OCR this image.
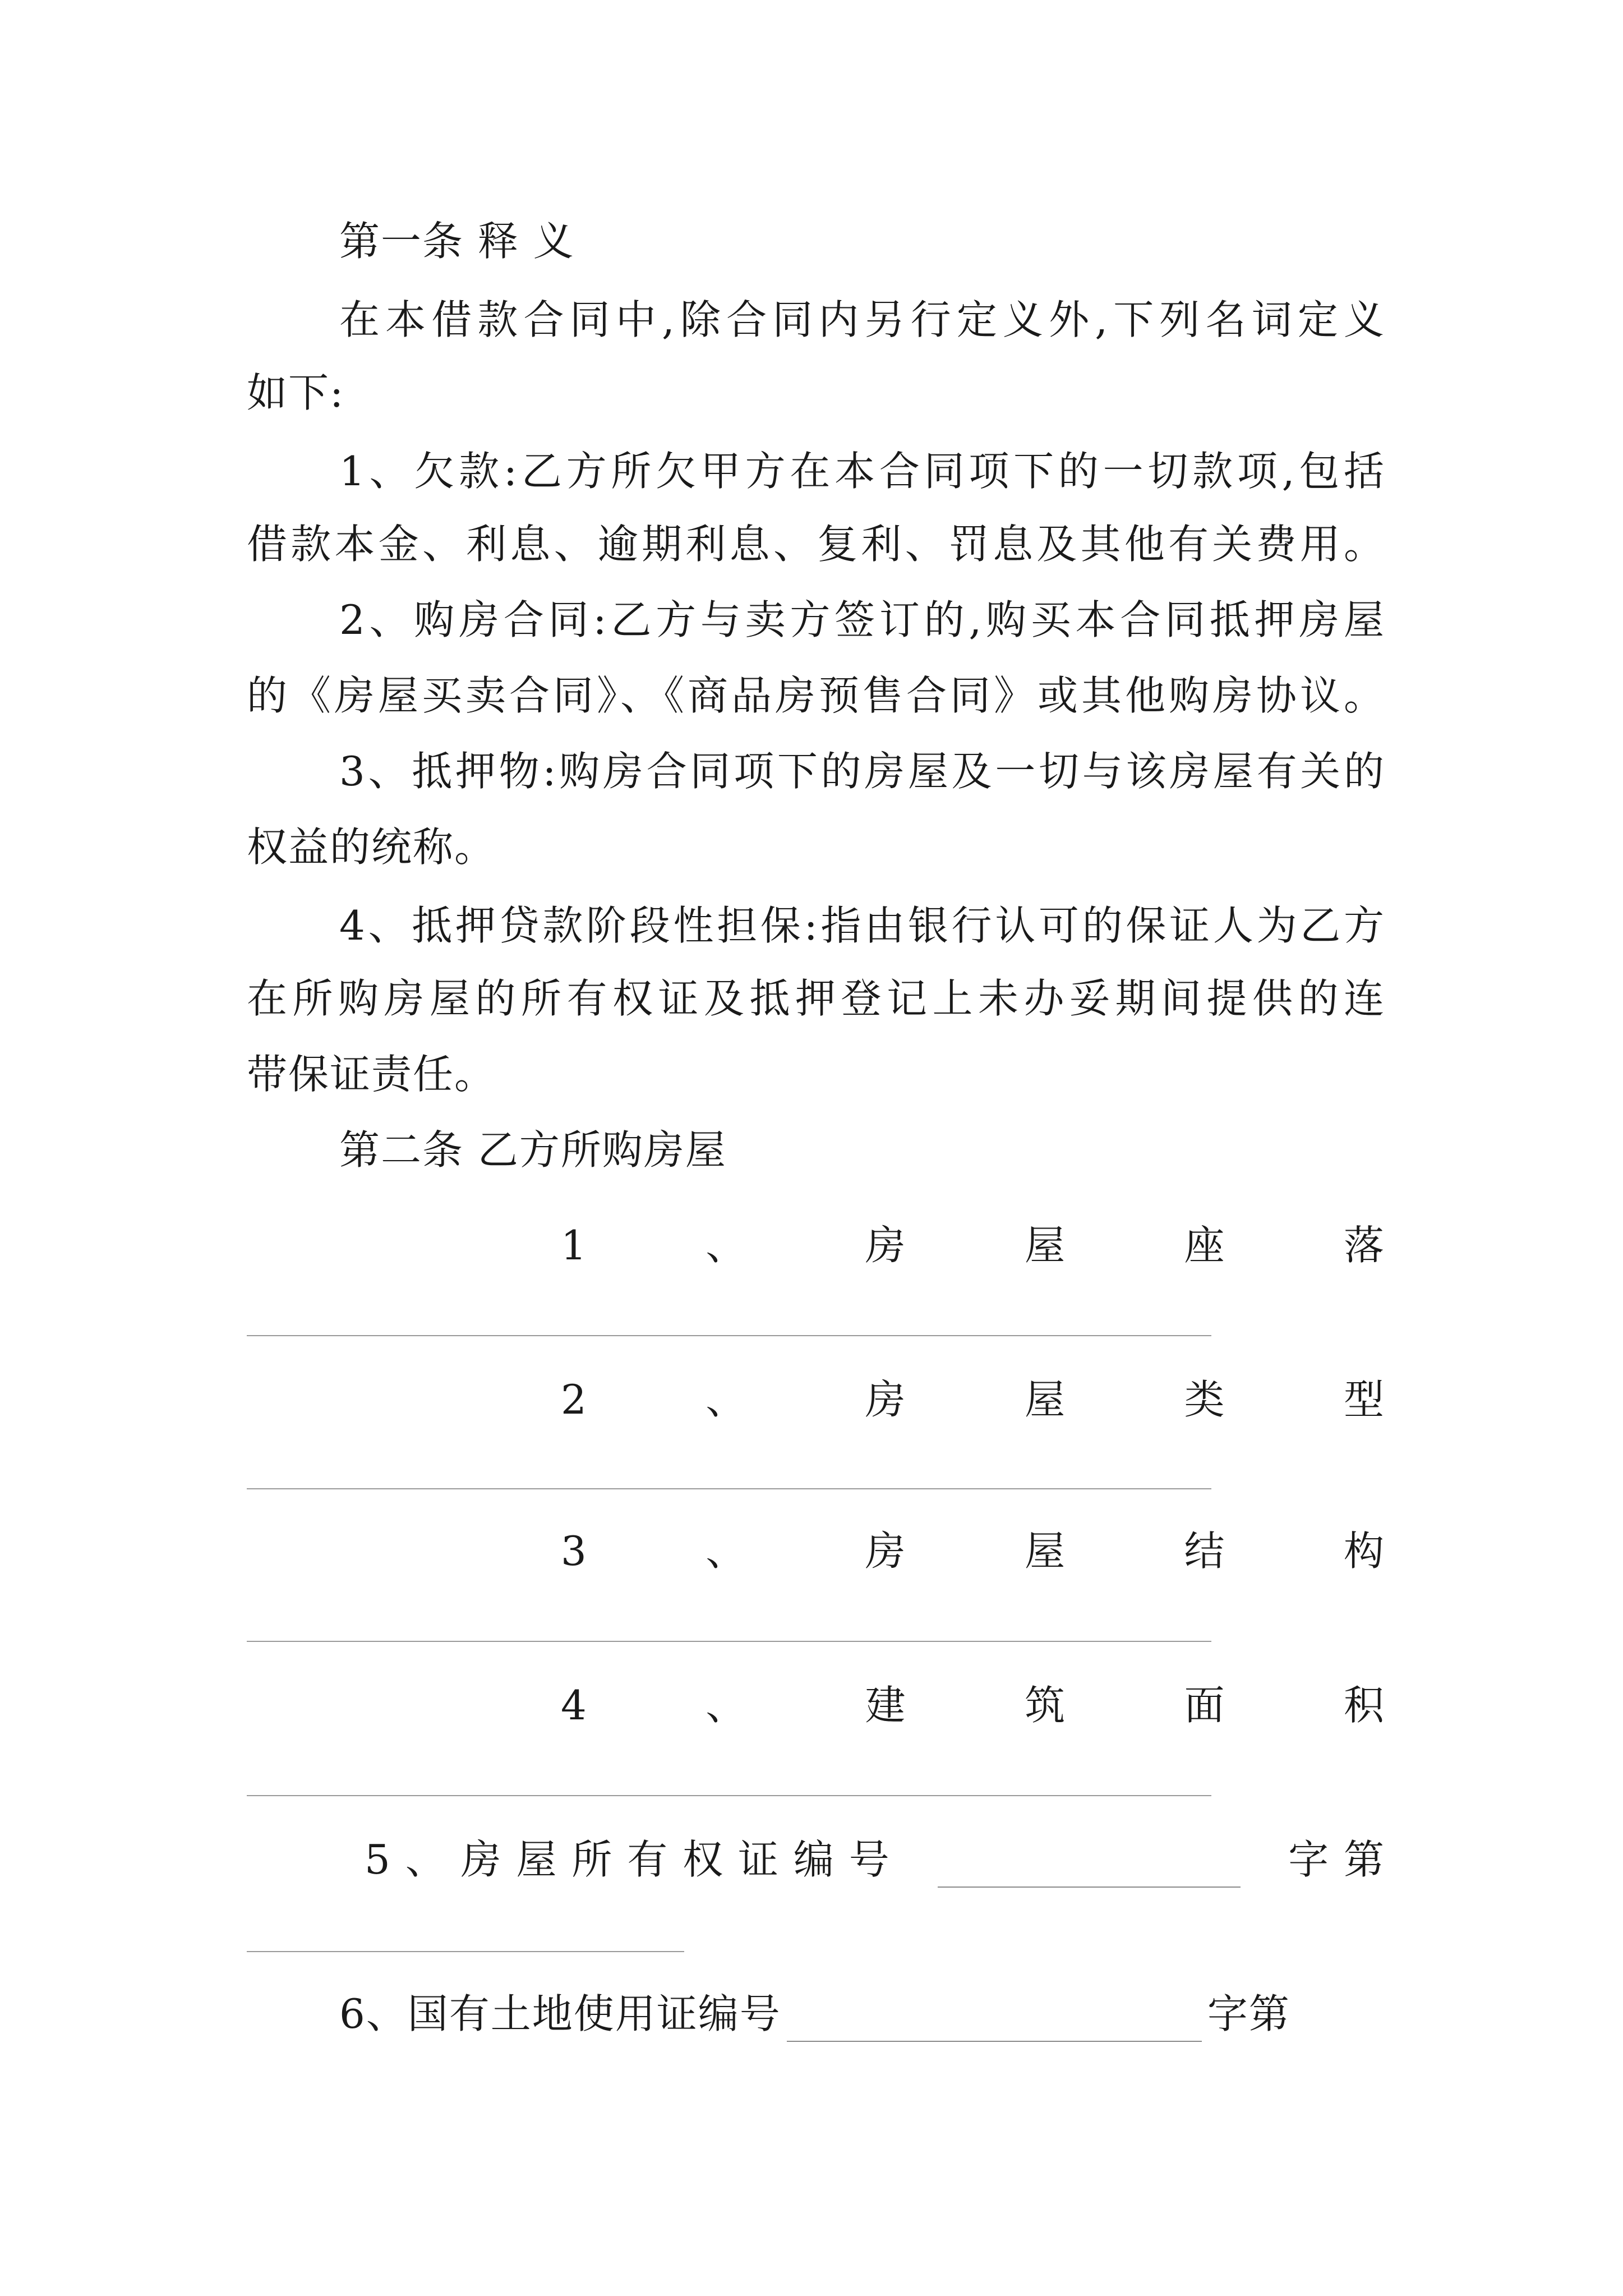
第一条 释 义
在本借款合同中,除合同内另行定义外,下列名词定义
如下:
1、欠款:乙方所欠甲方在本合同项下的一切款项,包括
借款本金、利息、逾期利息、复利、罚息及其他有关费用。
2、购房合同:乙方与卖方签订的,购买本合同抵押房屋
的《房屋买卖合同》、《商品房预售合同》或其他购房协议。
3、抵押物:购房合同项下的房屋及一切与该房屋有关的
权益的统称。
4、抵押贷款阶段性担保:指由银行认可的保证人为乙方
在所购房屋的所有权证及抵押登记上未办妥期间提供的连
带保证责任。
第二条 乙方所购房屋
1	、	房	屋	座	落
2	、	房	屋	类	型
3	、	房	屋	结	构
4	、	建	筑	面	积
5 、 房 屋 所 有 权 证 编 号	字 第
6、国有土地使用证编号	字第
